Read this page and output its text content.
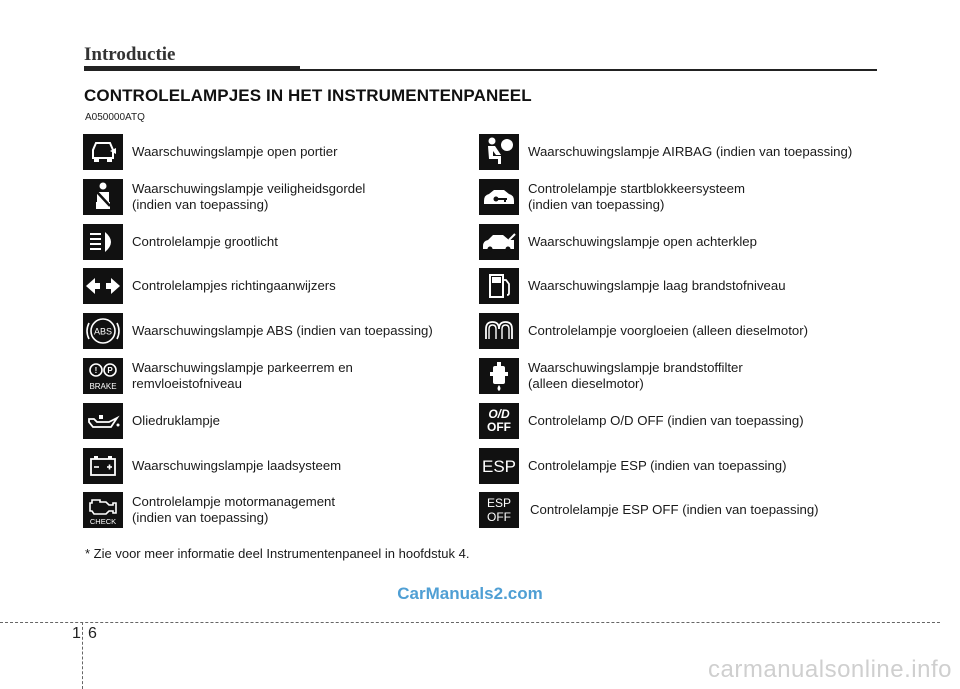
Introductie
CONTROLELAMPJES IN HET INSTRUMENTENPANEEL
A050000ATQ
Waarschuwingslampje open portier
Waarschuwingslampje veiligheidsgordel
(indien van toepassing)
Controlelampje grootlicht
Controlelampjes richtingaanwijzers
ABS Waarschuwingslampje ABS (indien van toepassing)
! P
BRAKE
Waarschuwingslampje parkeerrem en
remvloeistofniveau
Oliedruklampje
Waarschuwingslampje laadsysteem
CHECK
Controlelampje motormanagement
(indien van toepassing)
Waarschuwingslampje AIRBAG (indien van toepassing)
Controlelampje startblokkeersysteem
(indien van toepassing)
Waarschuwingslampje open achterklep
Waarschuwingslampje laag brandstofniveau
Controlelampje voorgloeien (alleen dieselmotor)
Waarschuwingslampje brandstoffilter
(alleen dieselmotor)
O/D
OFF Controlelamp O/D OFF (indien van toepassing)
ESP Controlelampje ESP (indien van toepassing)
ESP
OFF Controlelampje ESP OFF (indien van toepassing)
* Zie voor meer informatie deel Instrumentenpaneel in hoofdstuk 4.
CarManuals2.com
1 6
carmanualsonline.info
